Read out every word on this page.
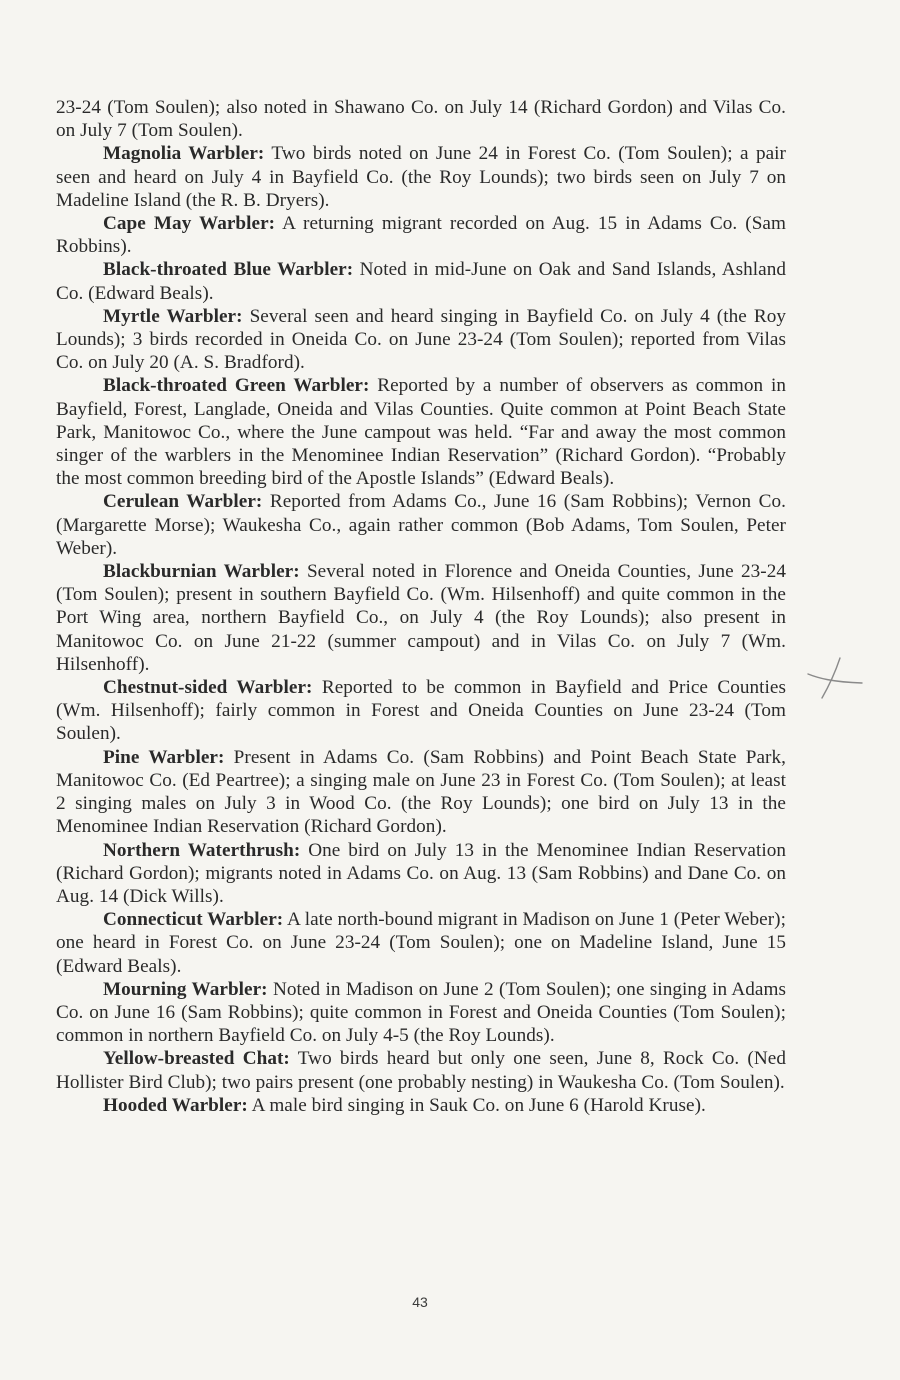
23-24 (Tom Soulen); also noted in Shawano Co. on July 14 (Richard Gordon) and Vilas Co. on July 7 (Tom Soulen).

Magnolia Warbler: Two birds noted on June 24 in Forest Co. (Tom Soulen); a pair seen and heard on July 4 in Bayfield Co. (the Roy Lounds); two birds seen on July 7 on Madeline Island (the R. B. Dryers).

Cape May Warbler: A returning migrant recorded on Aug. 15 in Adams Co. (Sam Robbins).

Black-throated Blue Warbler: Noted in mid-June on Oak and Sand Islands, Ashland Co. (Edward Beals).

Myrtle Warbler: Several seen and heard singing in Bayfield Co. on July 4 (the Roy Lounds); 3 birds recorded in Oneida Co. on June 23-24 (Tom Soulen); reported from Vilas Co. on July 20 (A. S. Bradford).

Black-throated Green Warbler: Reported by a number of observers as common in Bayfield, Forest, Langlade, Oneida and Vilas Counties. Quite common at Point Beach State Park, Manitowoc Co., where the June campout was held. “Far and away the most common singer of the warblers in the Menominee Indian Reservation” (Richard Gordon). “Probably the most common breeding bird of the Apostle Islands” (Edward Beals).

Cerulean Warbler: Reported from Adams Co., June 16 (Sam Robbins); Vernon Co. (Margarette Morse); Waukesha Co., again rather common (Bob Adams, Tom Soulen, Peter Weber).

Blackburnian Warbler: Several noted in Florence and Oneida Counties, June 23-24 (Tom Soulen); present in southern Bayfield Co. (Wm. Hilsenhoff) and quite common in the Port Wing area, northern Bayfield Co., on July 4 (the Roy Lounds); also present in Manitowoc Co. on June 21-22 (summer campout) and in Vilas Co. on July 7 (Wm. Hilsenhoff).

Chestnut-sided Warbler: Reported to be common in Bayfield and Price Counties (Wm. Hilsenhoff); fairly common in Forest and Oneida Counties on June 23-24 (Tom Soulen).

Pine Warbler: Present in Adams Co. (Sam Robbins) and Point Beach State Park, Manitowoc Co. (Ed Peartree); a singing male on June 23 in Forest Co. (Tom Soulen); at least 2 singing males on July 3 in Wood Co. (the Roy Lounds); one bird on July 13 in the Menominee Indian Reservation (Richard Gordon).

Northern Waterthrush: One bird on July 13 in the Menominee Indian Reservation (Richard Gordon); migrants noted in Adams Co. on Aug. 13 (Sam Robbins) and Dane Co. on Aug. 14 (Dick Wills).

Connecticut Warbler: A late north-bound migrant in Madison on June 1 (Peter Weber); one heard in Forest Co. on June 23-24 (Tom Soulen); one on Madeline Island, June 15 (Edward Beals).

Mourning Warbler: Noted in Madison on June 2 (Tom Soulen); one singing in Adams Co. on June 16 (Sam Robbins); quite common in Forest and Oneida Counties (Tom Soulen); common in northern Bayfield Co. on July 4-5 (the Roy Lounds).

Yellow-breasted Chat: Two birds heard but only one seen, June 8, Rock Co. (Ned Hollister Bird Club); two pairs present (one probably nesting) in Waukesha Co. (Tom Soulen).

Hooded Warbler: A male bird singing in Sauk Co. on June 6 (Harold Kruse).

43
